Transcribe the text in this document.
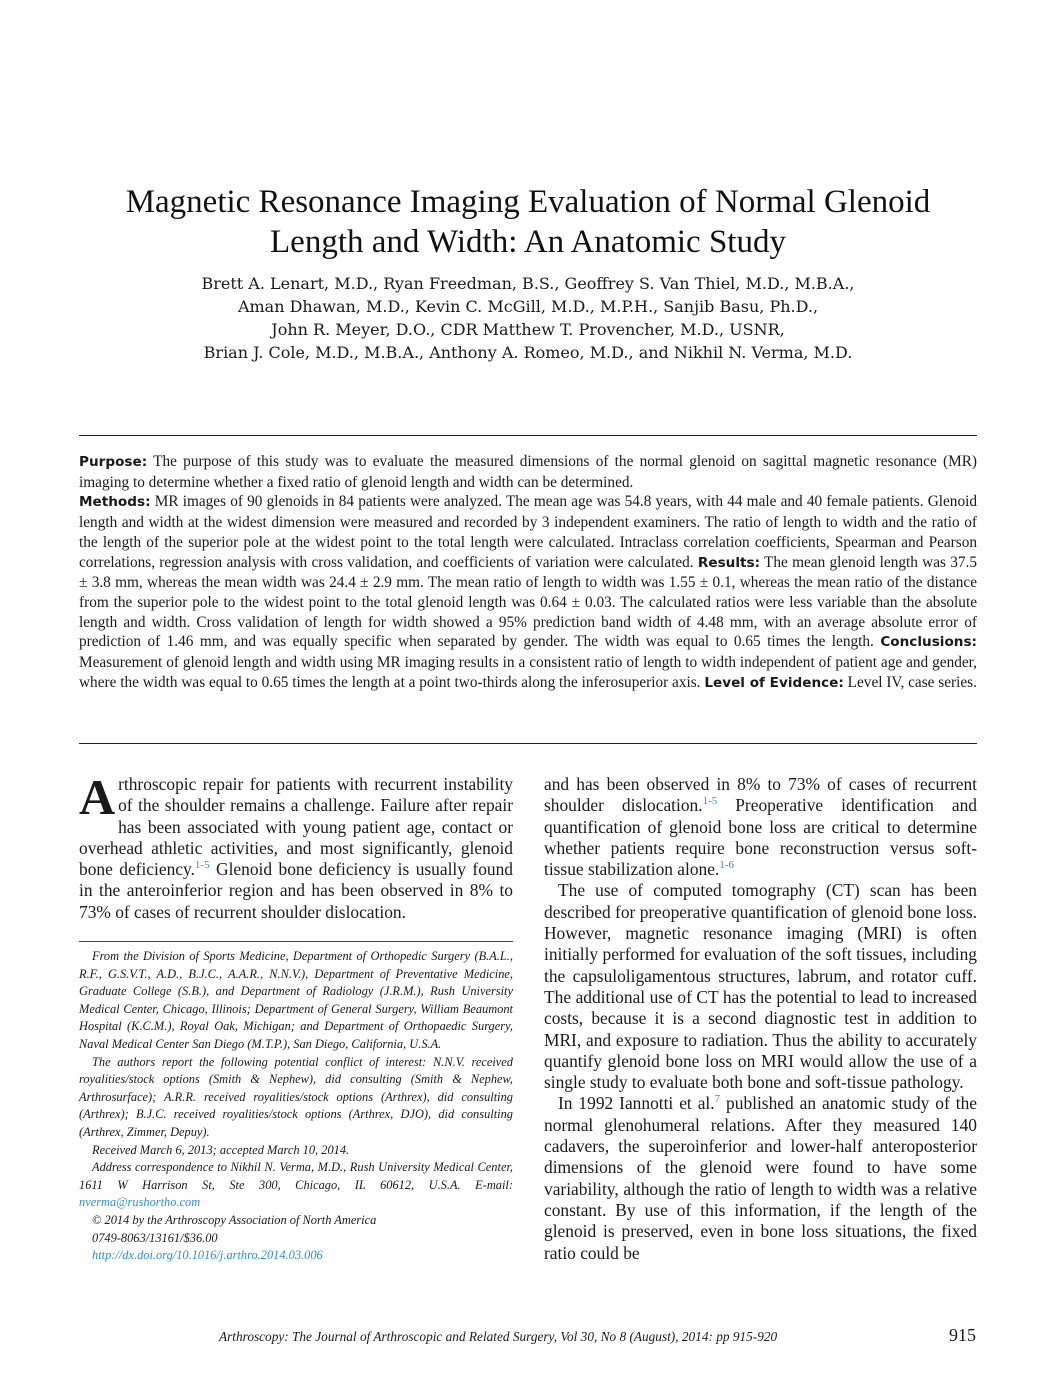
Magnetic Resonance Imaging Evaluation of Normal Glenoid
Length and Width: An Anatomic Study
Brett A. Lenart, M.D., Ryan Freedman, B.S., Geoffrey S. Van Thiel, M.D., M.B.A.,
Aman Dhawan, M.D., Kevin C. McGill, M.D., M.P.H., Sanjib Basu, Ph.D.,
John R. Meyer, D.O., CDR Matthew T. Provencher, M.D., USNR,
Brian J. Cole, M.D., M.B.A., Anthony A. Romeo, M.D., and Nikhil N. Verma, M.D.
Purpose: The purpose of this study was to evaluate the measured dimensions of the normal glenoid on sagittal magnetic resonance (MR) imaging to determine whether a fixed ratio of glenoid length and width can be determined.
Methods: MR images of 90 glenoids in 84 patients were analyzed. The mean age was 54.8 years, with 44 male and 40 female patients. Glenoid length and width at the widest dimension were measured and recorded by 3 independent examiners. The ratio of length to width and the ratio of the length of the superior pole at the widest point to the total length were calculated. Intraclass correlation coefficients, Spearman and Pearson correlations, regression analysis with cross validation, and coefficients of variation were calculated. Results: The mean glenoid length was 37.5 ± 3.8 mm, whereas the mean width was 24.4 ± 2.9 mm. The mean ratio of length to width was 1.55 ± 0.1, whereas the mean ratio of the distance from the superior pole to the widest point to the total glenoid length was 0.64 ± 0.03. The calculated ratios were less variable than the absolute length and width. Cross validation of length for width showed a 95% prediction band width of 4.48 mm, with an average absolute error of prediction of 1.46 mm, and was equally specific when separated by gender. The width was equal to 0.65 times the length. Conclusions: Measurement of glenoid length and width using MR imaging results in a consistent ratio of length to width independent of patient age and gender, where the width was equal to 0.65 times the length at a point two-thirds along the inferosuperior axis. Level of Evidence: Level IV, case series.

Arthroscopic repair for patients with recurrent instability of the shoulder remains a challenge. Failure after repair has been associated with young patient age, contact or overhead athletic activities, and most significantly, glenoid bone deficiency.$^{1-5}$ Glenoid bone deficiency is usually found in the anteroinferior region and has been observed in 8% to 73% of cases of recurrent shoulder dislocation.

From the Division of Sports Medicine, Department of Orthopedic Surgery (B.A.L., R.F., G.S.V.T., A.D., B.J.C., A.A.R., N.N.V.), Department of Preventative Medicine, Graduate College (S.B.), and Department of Radiology (J.R.M.), Rush University Medical Center, Chicago, Illinois; Department of General Surgery, William Beaumont Hospital (K.C.M.), Royal Oak, Michigan; and Department of Orthopaedic Surgery, Naval Medical Center San Diego (M.T.P.), San Diego, California, U.S.A.

The authors report the following potential conflict of interest: N.N.V. received royalities/stock options (Smith & Nephew), did consulting (Smith & Nephew, Arthrosurface); A.R.R. received royalities/stock options (Arthrex), did consulting (Arthrex); B.J.C. received royalities/stock options (Arthrex, DJO), did consulting (Arthrex, Zimmer, Depuy).

Received March 6, 2013; accepted March 10, 2014.

Address correspondence to Nikhil N. Verma, M.D., Rush University Medical Center, 1611 W Harrison St, Ste 300, Chicago, IL 60612, U.S.A. E-mail: nverma@rushortho.com

© 2014 by the Arthroscopy Association of North America

0749-8063/13161/$36.00

http://dx.doi.org/10.1016/j.arthro.2014.03.006

and has been observed in 8% to 73% of cases of recurrent shoulder dislocation.$^{1-5}$ Preoperative identification and quantification of glenoid bone loss are critical to determine whether patients require bone reconstruction versus soft-tissue stabilization alone.$^{1-6}$

The use of computed tomography (CT) scan has been described for preoperative quantification of glenoid bone loss. However, magnetic resonance imaging (MRI) is often initially performed for evaluation of the soft tissues, including the capsuloligamentous structures, labrum, and rotator cuff. The additional use of CT has the potential to lead to increased costs, because it is a second diagnostic test in addition to MRI, and exposure to radiation. Thus the ability to accurately quantify glenoid bone loss on MRI would allow the use of a single study to evaluate both bone and soft-tissue pathology.

In 1992 Iannotti et al.$^7$ published an anatomic study of the normal glenohumeral relations. After they measured 140 cadavers, the superoinferior and lower-half anteroposterior dimensions of the glenoid were found to have some variability, although the ratio of length to width was a relative constant. By use of this information, if the length of the glenoid is preserved, even in bone loss situations, the fixed ratio could be

Arthroscopy: The Journal of Arthroscopic and Related Surgery, Vol 30, No 8 (August), 2014: pp 915-920	915
